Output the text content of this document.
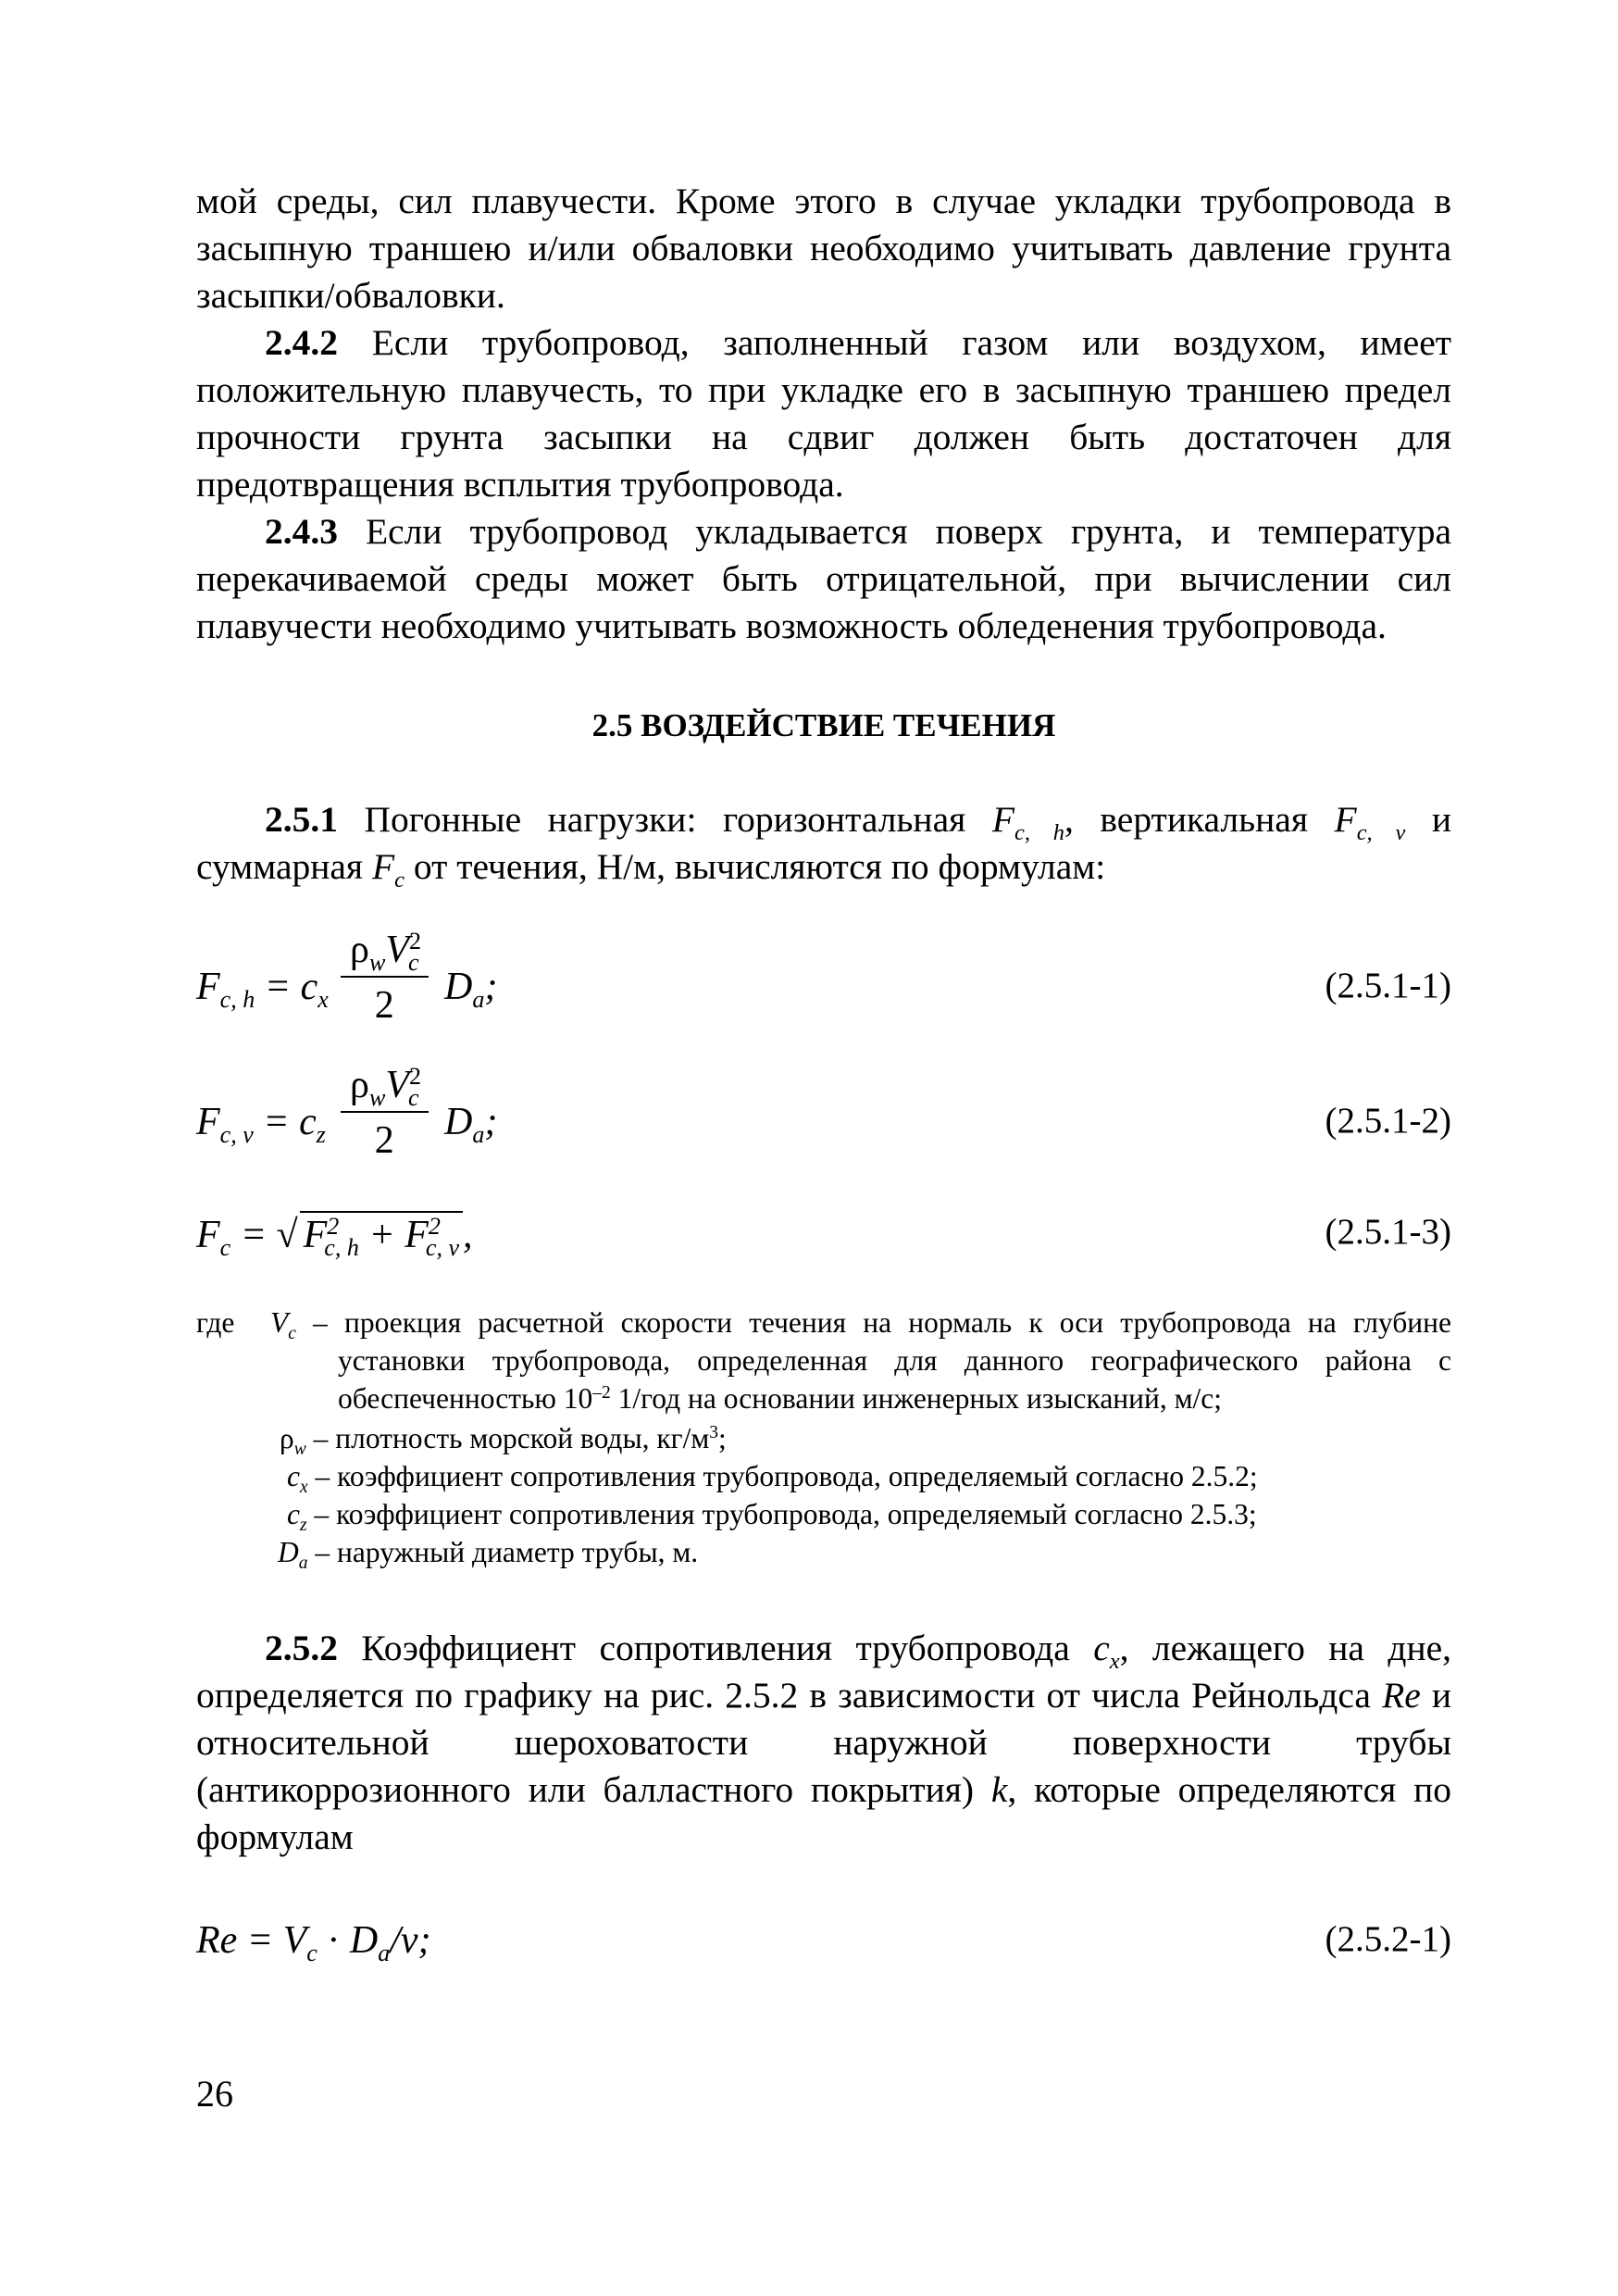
мой среды, сил плавучести. Кроме этого в случае укладки трубопровода в засыпную траншею и/или обваловки необходимо учитывать давление грунта засыпки/обваловки.

2.4.2 Если трубопровод, заполненный газом или воздухом, имеет положительную плавучесть, то при укладке его в засыпную траншею предел прочности грунта засыпки на сдвиг должен быть достаточен для предотвращения всплытия трубопровода.

2.4.3 Если трубопровод укладывается поверх грунта, и температура перекачиваемой среды может быть отрицательной, при вычислении сил плавучести необходимо учитывать возможность обледенения трубопровода.

2.5 ВОЗДЕЙСТВИЕ ТЕЧЕНИЯ

2.5.1 Погонные нагрузки: горизонтальная $F_{c, h}$, вертикальная $F_{c, v}$ и суммарная $F_c$ от течения, Н/м, вычисляются по формулам:

$F_{c, h} = c_x$
$\rho_wV^2_c$
2	$D_a$;	(2.5.1-1)
$F_{c, v} = c_z$
$\rho_wV^2_c$
2	$D_a$;	(2.5.1-2)
$F_c$ = √ $F^2_{c, h} + F^2_{c, v}$,	(2.5.1-3)
где	$V_c$ – проекция расчетной скорости течения на нормаль к оси трубопровода на глубине установки трубопровода, определенная для данного географического района с обеспеченностью $10^{-2}$ 1/год на основании инженерных изысканий, м/с;

$\rho_w$ – плотность морской воды, $кг/м^3$;

$c_x$ – коэффициент сопротивления трубопровода, определяемый согласно 2.5.2;

$c_z$ – коэффициент сопротивления трубопровода, определяемый согласно 2.5.3;

$D_a$ – наружный диаметр трубы, м.

2.5.2 Коэффициент сопротивления трубопровода $c_x$, лежащего на дне, определяется по графику на рис. 2.5.2 в зависимости от числа Рейнольдса Re и относительной шероховатости наружной поверхности трубы (антикоррозионного или балластного покрытия) k, которые определяются по формулам

$Re = V_c \cdot D_a/\nu$;	(2.5.2-1)
26
